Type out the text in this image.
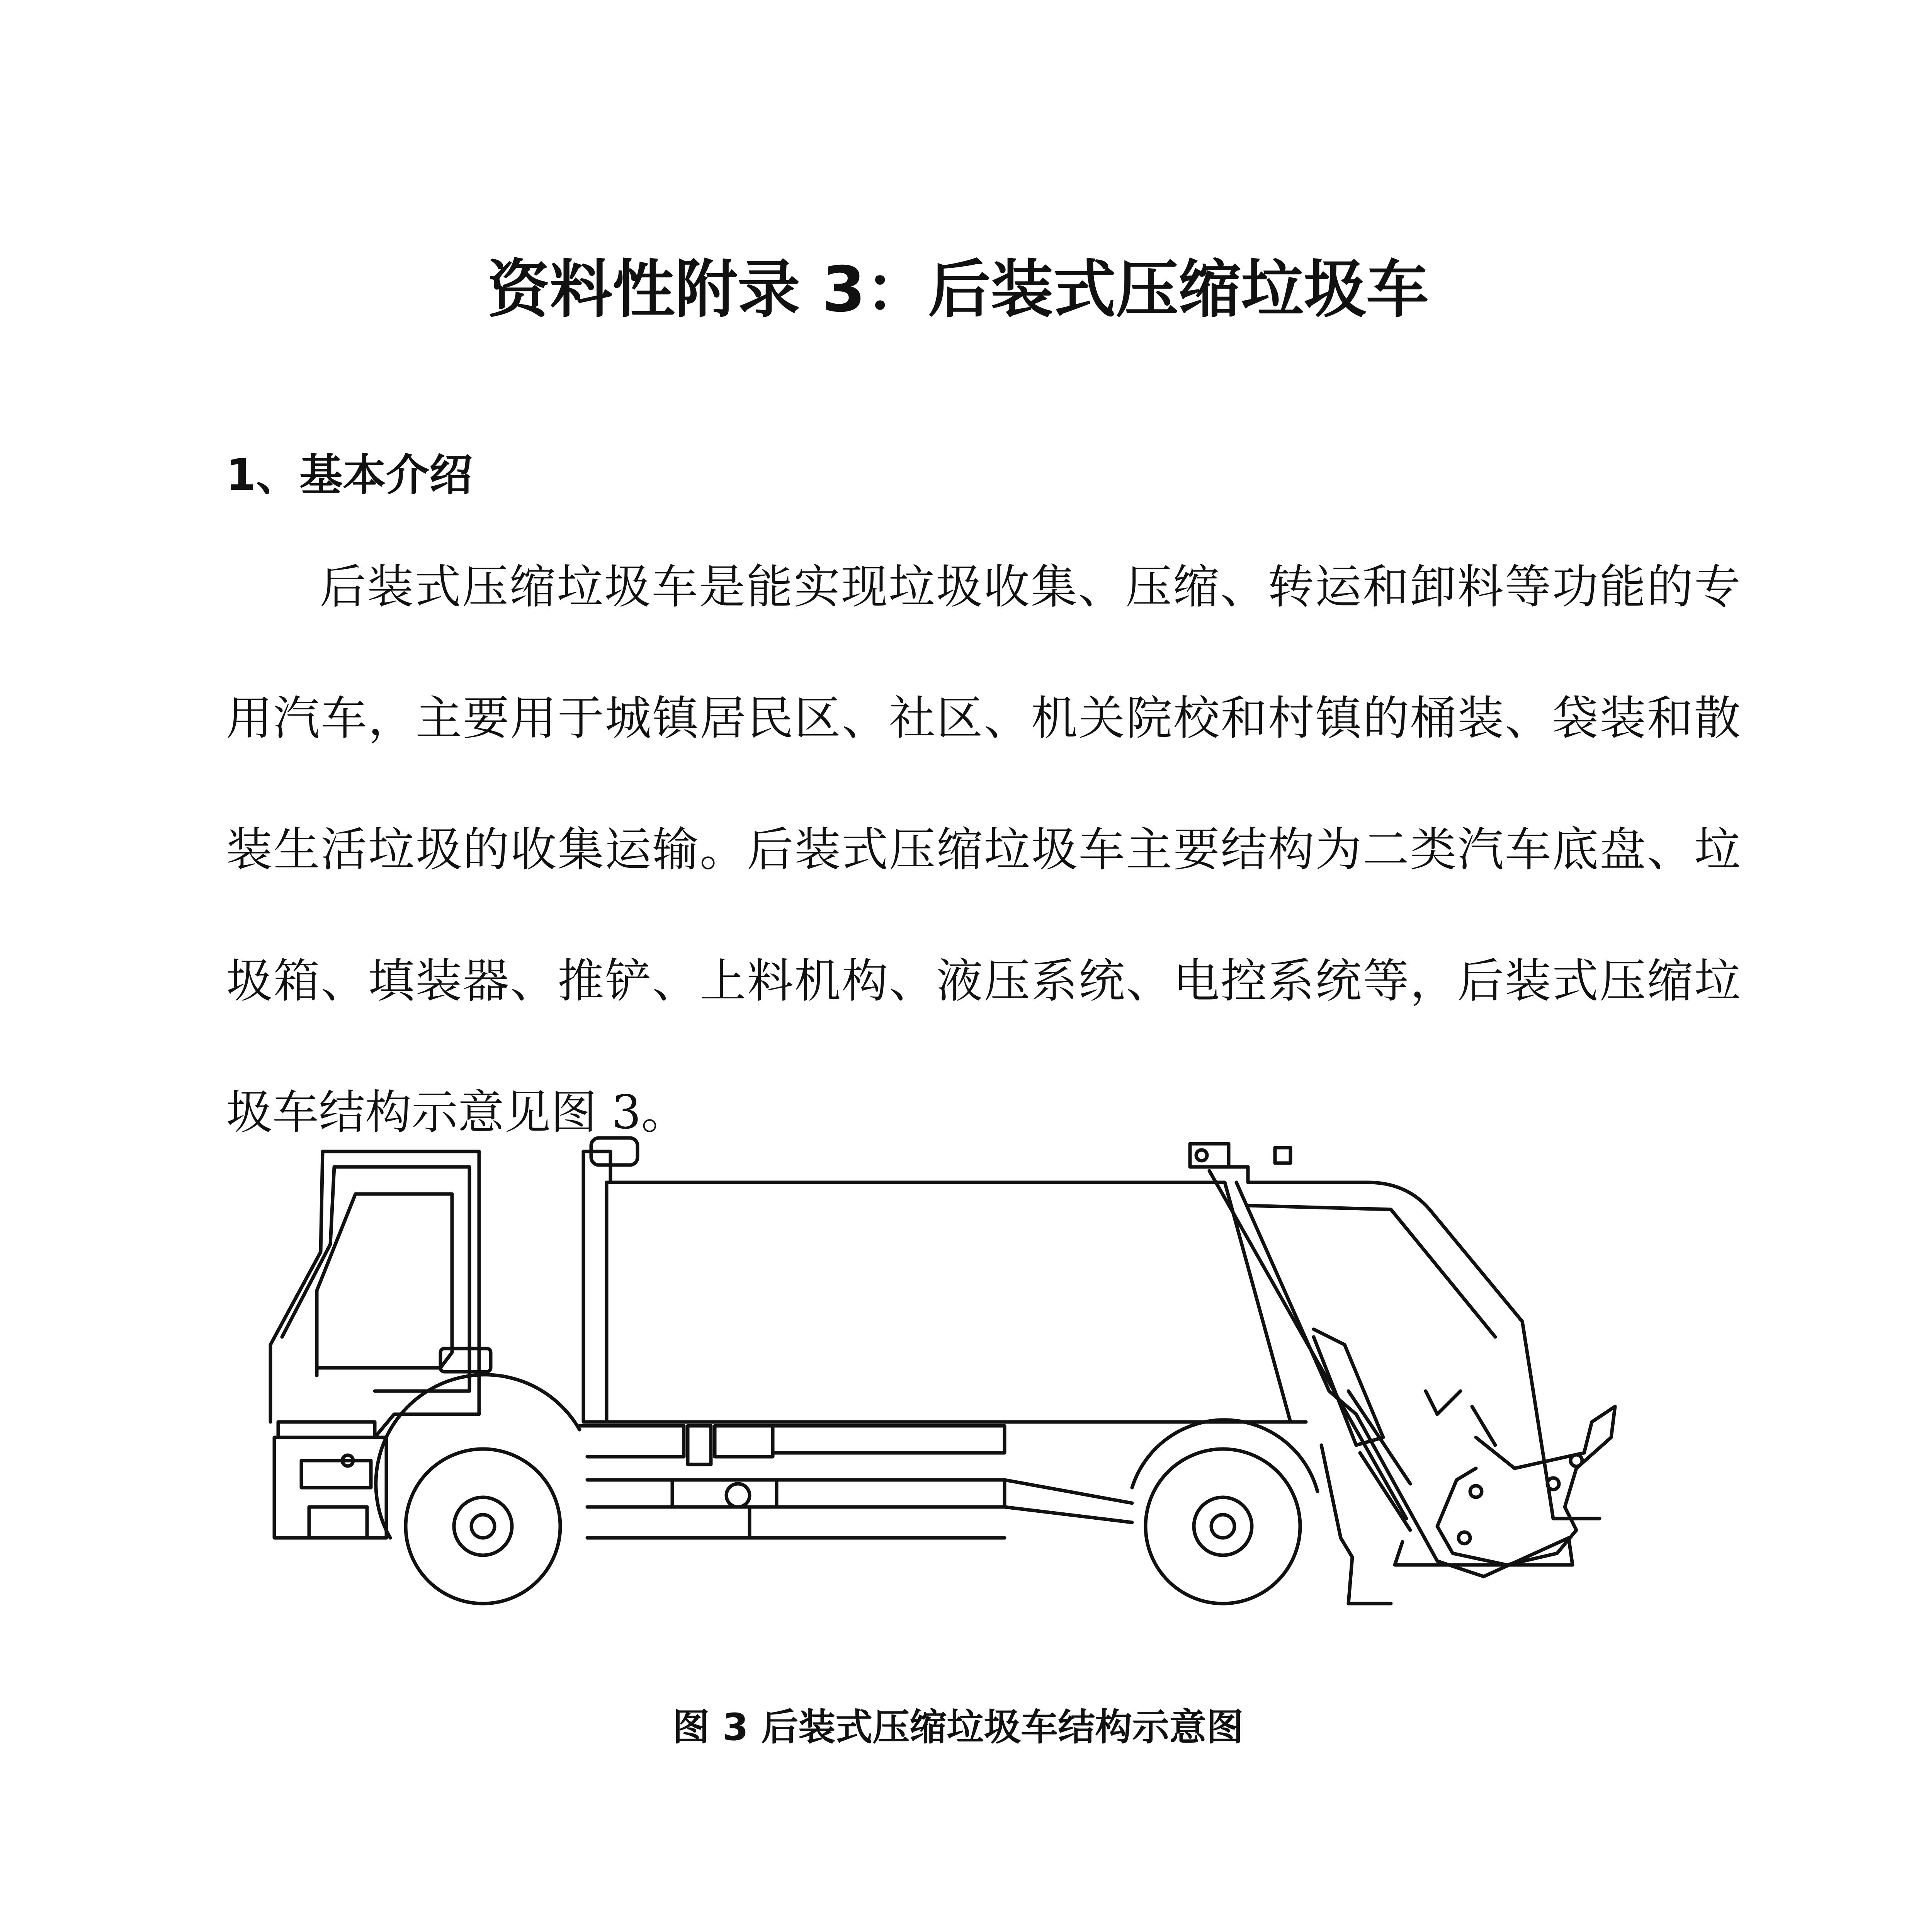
资料性附录 3：后装式压缩垃圾车
1、基本介绍
后装式压缩垃圾车是能实现垃圾收集、压缩、转运和卸料等功能的专用汽车，主要用于城镇居民区、社区、机关院校和村镇的桶装、袋装和散装生活垃圾的收集运输。后装式压缩垃圾车主要结构为二类汽车底盘、垃圾箱、填装器、推铲、上料机构、液压系统、电控系统等，后装式压缩垃圾车结构示意见图 3。
图 3 后装式压缩垃圾车结构示意图
